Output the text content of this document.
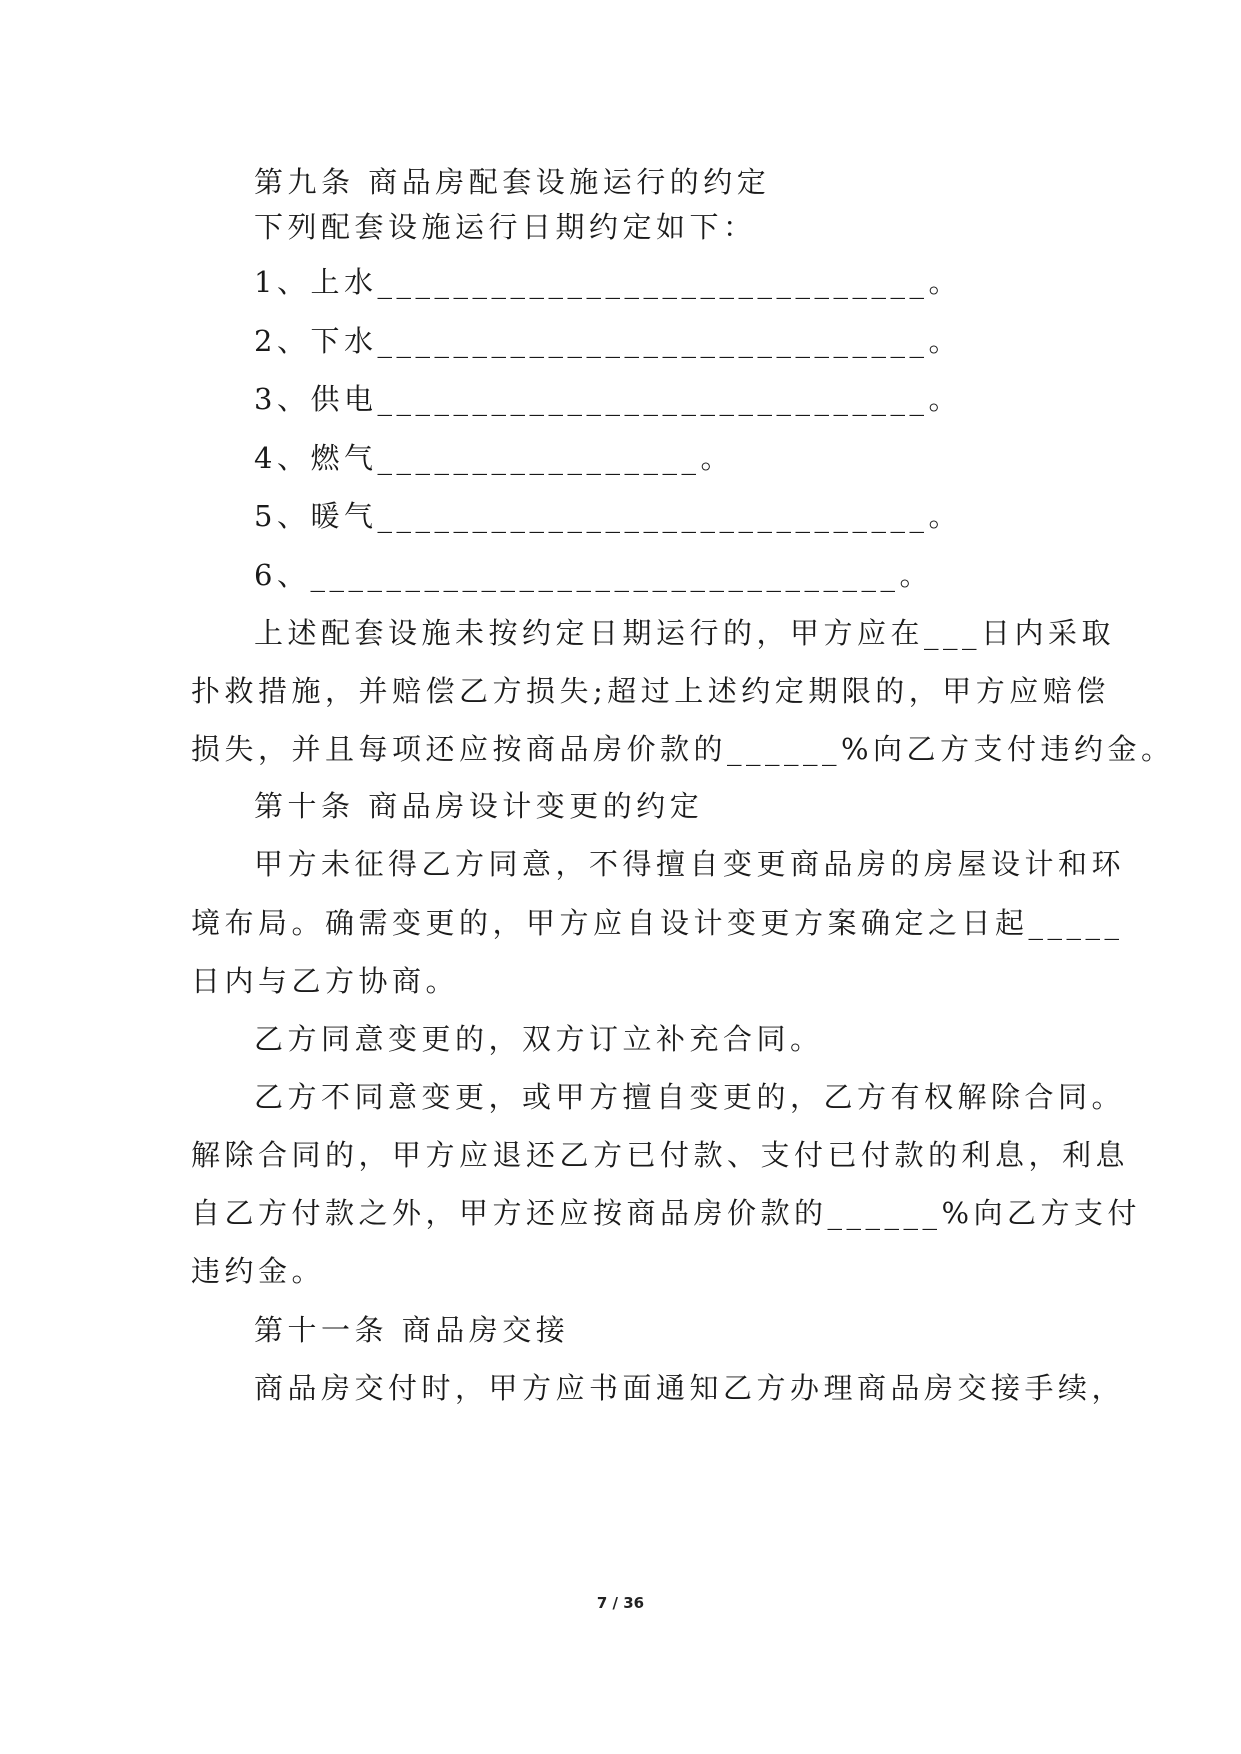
第九条 商品房配套设施运行的约定
下列配套设施运行日期约定如下：
1、上水_____________________________。
2、下水_____________________________。
3、供电_____________________________。
4、燃气_________________。
5、暖气_____________________________。
6、_______________________________。
上述配套设施未按约定日期运行的，甲方应在___日内采取
扑救措施，并赔偿乙方损失;超过上述约定期限的，甲方应赔偿
损失，并且每项还应按商品房价款的______%向乙方支付违约金。
第十条 商品房设计变更的约定
甲方未征得乙方同意，不得擅自变更商品房的房屋设计和环
境布局。确需变更的，甲方应自设计变更方案确定之日起_____
日内与乙方协商。
乙方同意变更的，双方订立补充合同。
乙方不同意变更，或甲方擅自变更的，乙方有权解除合同。
解除合同的，甲方应退还乙方已付款、支付已付款的利息，利息
自乙方付款之外，甲方还应按商品房价款的______%向乙方支付
违约金。
第十一条 商品房交接
商品房交付时，甲方应书面通知乙方办理商品房交接手续，
7 / 36
